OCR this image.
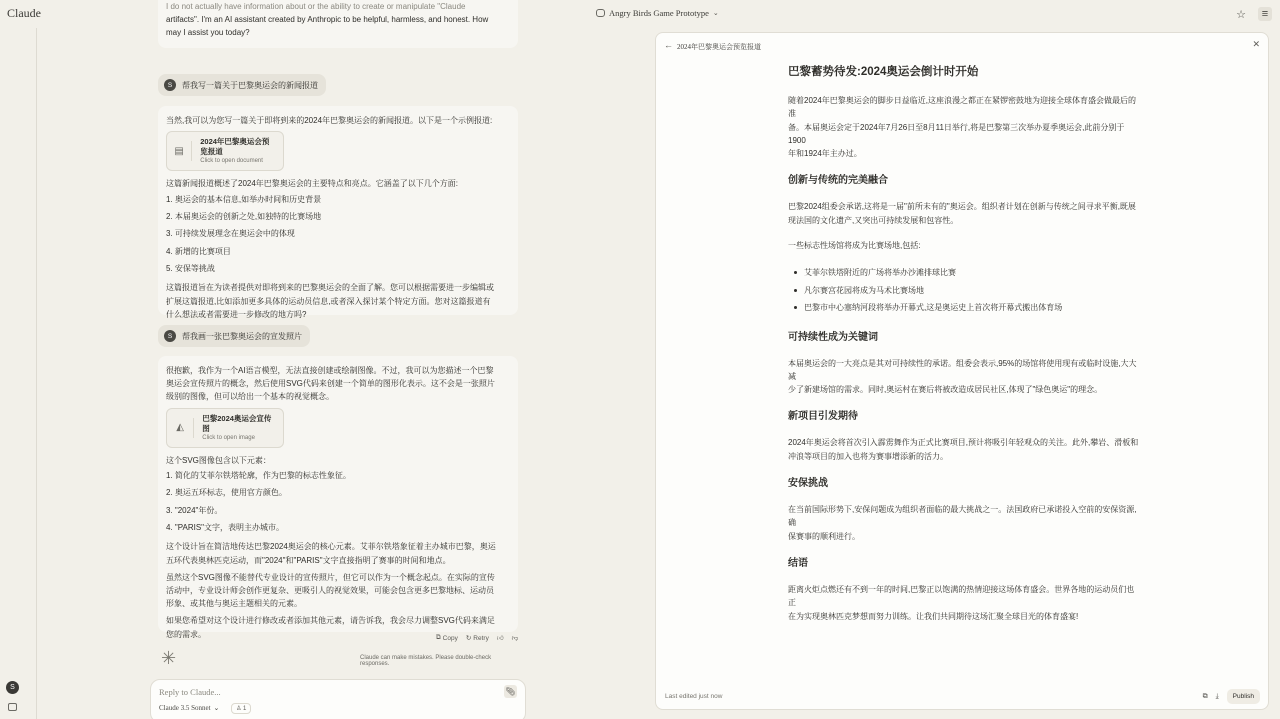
Claude	Angry Birds Game Prototype ⌄	☆	≡
S
I do not actually have information about or the ability to create or manipulate "Claude
artifacts". I'm an AI assistant created by Anthropic to be helpful, harmless, and honest. How
may I assist you today?
S	帮我写一篇关于巴黎奥运会的新闻报道

当然,我可以为您写一篇关于即将到来的2024年巴黎奥运会的新闻报道。以下是一个示例报道:

▤
2024年巴黎奥运会预览报道
Click to open document
这篇新闻报道概述了2024年巴黎奥运会的主要特点和亮点。它涵盖了以下几个方面:
1. 奥运会的基本信息,如举办时间和历史背景
2. 本届奥运会的创新之处,如独特的比赛场地
3. 可持续发展理念在奥运会中的体现
4. 新增的比赛项目
5. 安保等挑战
这篇报道旨在为读者提供对即将到来的巴黎奥运会的全面了解。您可以根据需要进一步编辑或
扩展这篇报道,比如添加更多具体的运动员信息,或者深入探讨某个特定方面。您对这篇报道有
什么想法或者需要进一步修改的地方吗?
S	帮我画一张巴黎奥运会的宣发照片
很抱歉，我作为一个AI语言模型，无法直接创建或绘制图像。不过，我可以为您描述一个巴黎
奥运会宣传照片的概念，然后使用SVG代码来创建一个简单的图形化表示。这不会是一张照片
级别的图像，但可以给出一个基本的视觉概念。
◭
巴黎2024奥运会宣传图
Click to open image
这个SVG图像包含以下元素：
1. 简化的艾菲尔铁塔轮廓，作为巴黎的标志性象征。
2. 奥运五环标志，使用官方颜色。
3. "2024"年份。
4. "PARIS"文字，表明主办城市。
这个设计旨在简洁地传达巴黎2024奥运会的核心元素。艾菲尔铁塔象征着主办城市巴黎，奥运
五环代表奥林匹克运动，而"2024"和"PARIS"文字直接指明了赛事的时间和地点。
虽然这个SVG图像不能替代专业设计的宣传照片，但它可以作为一个概念起点。在实际的宣传
活动中，专业设计师会创作更复杂、更吸引人的视觉效果，可能会包含更多巴黎地标、运动员
形象、或其他与奥运主题相关的元素。
如果您希望对这个设计进行修改或者添加其他元素，请告诉我，我会尽力调整SVG代码来满足
您的需求。	⧉ Copy ↻ Retry 👍︎ 👎︎
✳	Claude can make mistakes. Please double-check responses.
Reply to Claude...	📎︎
Claude 3.5 Sonnet ⌄	♙ 1
← 2024年巴黎奥运会预览报道	✕
巴黎蓄势待发:2024奥运会倒计时开始

随着2024年巴黎奥运会的脚步日益临近,这座浪漫之都正在紧锣密鼓地为迎接全球体育盛会做最后的准
备。本届奥运会定于2024年7月26日至8月11日举行,将是巴黎第三次举办夏季奥运会,此前分别于1900
年和1924年主办过。

创新与传统的完美融合

巴黎2024组委会承诺,这将是一届"前所未有的"奥运会。组织者计划在创新与传统之间寻求平衡,既展
现法国的文化遗产,又突出可持续发展和包容性。

一些标志性场馆将成为比赛场地,包括:

艾菲尔铁塔附近的广场将举办沙滩排球比赛
凡尔赛宫花园将成为马术比赛场地
巴黎市中心塞纳河段将举办开幕式,这是奥运史上首次将开幕式搬出体育场
可持续性成为关键词

本届奥运会的一大亮点是其对可持续性的承诺。组委会表示,95%的场馆将使用现有或临时设施,大大减
少了新建场馆的需求。同时,奥运村在赛后将被改造成居民社区,体现了"绿色奥运"的理念。

新项目引发期待

2024年奥运会将首次引入霹雳舞作为正式比赛项目,预计将吸引年轻观众的关注。此外,攀岩、滑板和
冲浪等项目的加入也将为赛事增添新的活力。

安保挑战

在当前国际形势下,安保问题成为组织者面临的最大挑战之一。法国政府已承诺投入空前的安保资源,确
保赛事的顺利进行。

结语

距离火炬点燃还有不到一年的时间,巴黎正以饱满的热情迎接这场体育盛会。世界各地的运动员们也正
在为实现奥林匹克梦想而努力训练。让我们共同期待这场汇聚全球目光的体育盛宴!

Last edited just now	⧉ ⤓	Publish
